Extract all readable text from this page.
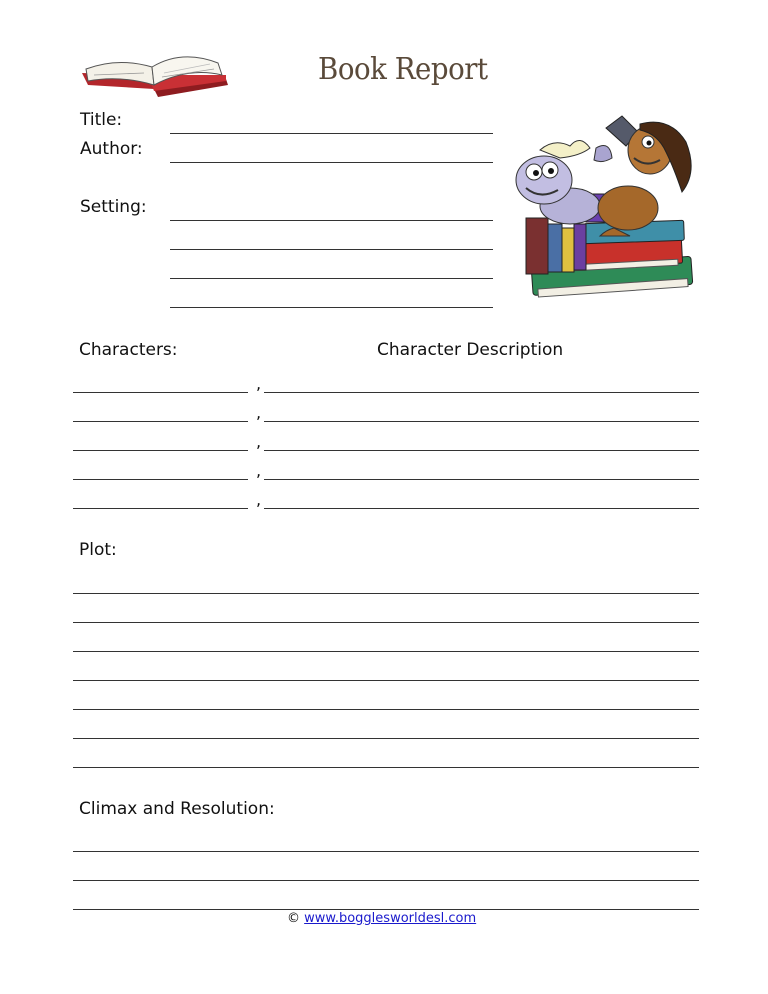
Book Report
Title:
Author:
Setting:
Characters:	Character Description
,
,
,
,
,
Plot:
Climax and Resolution:
© www.bogglesworldesl.com
